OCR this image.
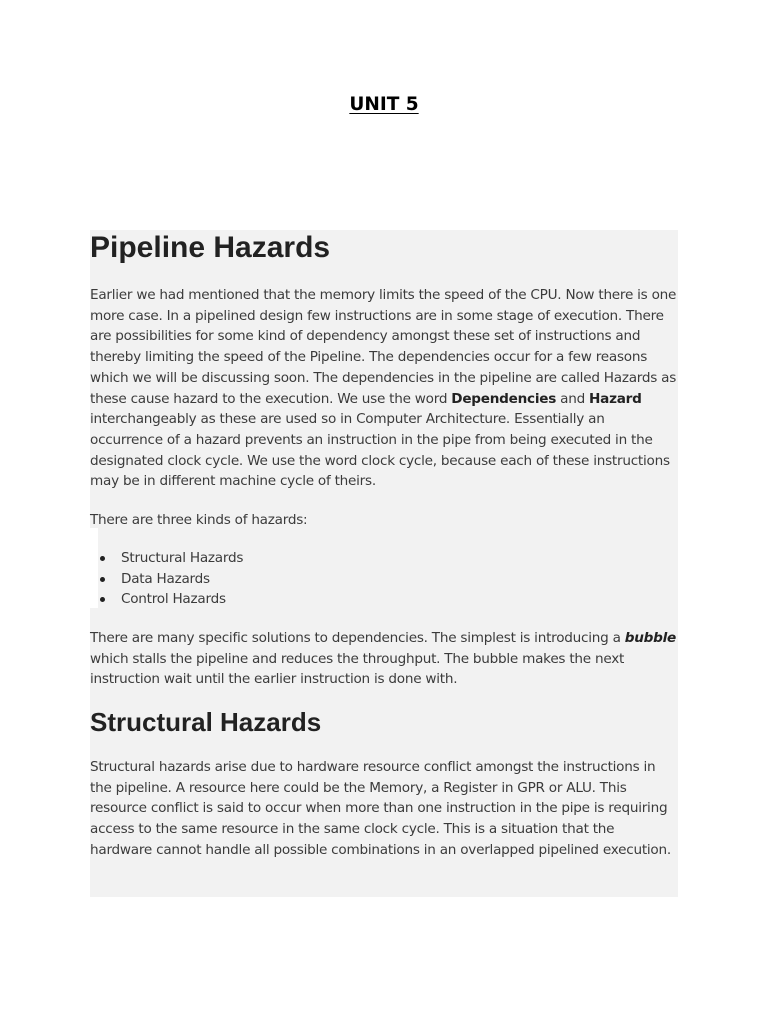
UNIT 5
Pipeline Hazards

Earlier we had mentioned that the memory limits the speed of the CPU. Now there is one more case. In a pipelined design few instructions are in some stage of execution. There are possibilities for some kind of dependency amongst these set of instructions and thereby limiting the speed of the Pipeline. The dependencies occur for a few reasons which we will be discussing soon. The dependencies in the pipeline are called Hazards as these cause hazard to the execution. We use the word Dependencies and Hazard interchangeably as these are used so in Computer Architecture. Essentially an occurrence of a hazard prevents an instruction in the pipe from being executed in the designated clock cycle. We use the word clock cycle, because each of these instructions may be in different machine cycle of theirs.

There are three kinds of hazards:

Structural Hazards
Data Hazards
Control Hazards

There are many specific solutions to dependencies. The simplest is introducing a bubble which stalls the pipeline and reduces the throughput. The bubble makes the next instruction wait until the earlier instruction is done with.

Structural Hazards

Structural hazards arise due to hardware resource conflict amongst the instructions in the pipeline. A resource here could be the Memory, a Register in GPR or ALU. This resource conflict is said to occur when more than one instruction in the pipe is requiring access to the same resource in the same clock cycle. This is a situation that the hardware cannot handle all possible combinations in an overlapped pipelined execution.
